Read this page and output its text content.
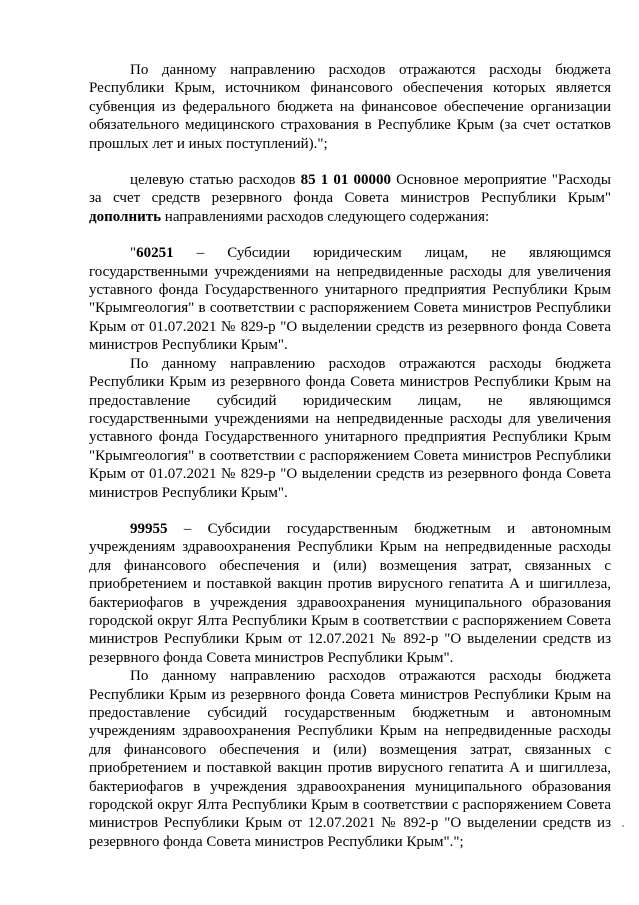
По данному направлению расходов отражаются расходы бюджета Республики Крым, источником финансового обеспечения которых является субвенция из федерального бюджета на финансовое обеспечение организации обязательного медицинского страхования в Республике Крым (за счет остатков прошлых лет и иных поступлений).";

целевую статью расходов 85 1 01 00000 Основное мероприятие "Расходы за счет средств резервного фонда Совета министров Республики Крым" дополнить направлениями расходов следующего содержания:

"60251 – Субсидии юридическим лицам, не являющимся государственными учреждениями на непредвиденные расходы для увеличения уставного фонда Государственного унитарного предприятия Республики Крым "Крымгеология" в соответствии с распоряжением Совета министров Республики Крым от 01.07.2021 № 829-р "О выделении средств из резервного фонда Совета министров Республики Крым".

По данному направлению расходов отражаются расходы бюджета Республики Крым из резервного фонда Совета министров Республики Крым на предоставление субсидий юридическим лицам, не являющимся государственными учреждениями на непредвиденные расходы для увеличения уставного фонда Государственного унитарного предприятия Республики Крым "Крымгеология" в соответствии с распоряжением Совета министров Республики Крым от 01.07.2021 № 829-р "О выделении средств из резервного фонда Совета министров Республики Крым".

99955 – Субсидии государственным бюджетным и автономным учреждениям здравоохранения Республики Крым на непредвиденные расходы для финансового обеспечения и (или) возмещения затрат, связанных с приобретением и поставкой вакцин против вирусного гепатита А и шигиллеза, бактериофагов в учреждения здравоохранения муниципального образования городской округ Ялта Республики Крым в соответствии с распоряжением Совета министров Республики Крым от 12.07.2021 № 892-р "О выделении средств из резервного фонда Совета министров Республики Крым".

По данному направлению расходов отражаются расходы бюджета Республики Крым из резервного фонда Совета министров Республики Крым на предоставление субсидий государственным бюджетным и автономным учреждениям здравоохранения Республики Крым на непредвиденные расходы для финансового обеспечения и (или) возмещения затрат, связанных с приобретением и поставкой вакцин против вирусного гепатита А и шигиллеза, бактериофагов в учреждения здравоохранения муниципального образования городской округ Ялта Республики Крым в соответствии с распоряжением Совета министров Республики Крым от 12.07.2021 № 892-р "О выделении средств из резервного фонда Совета министров Республики Крым".";
